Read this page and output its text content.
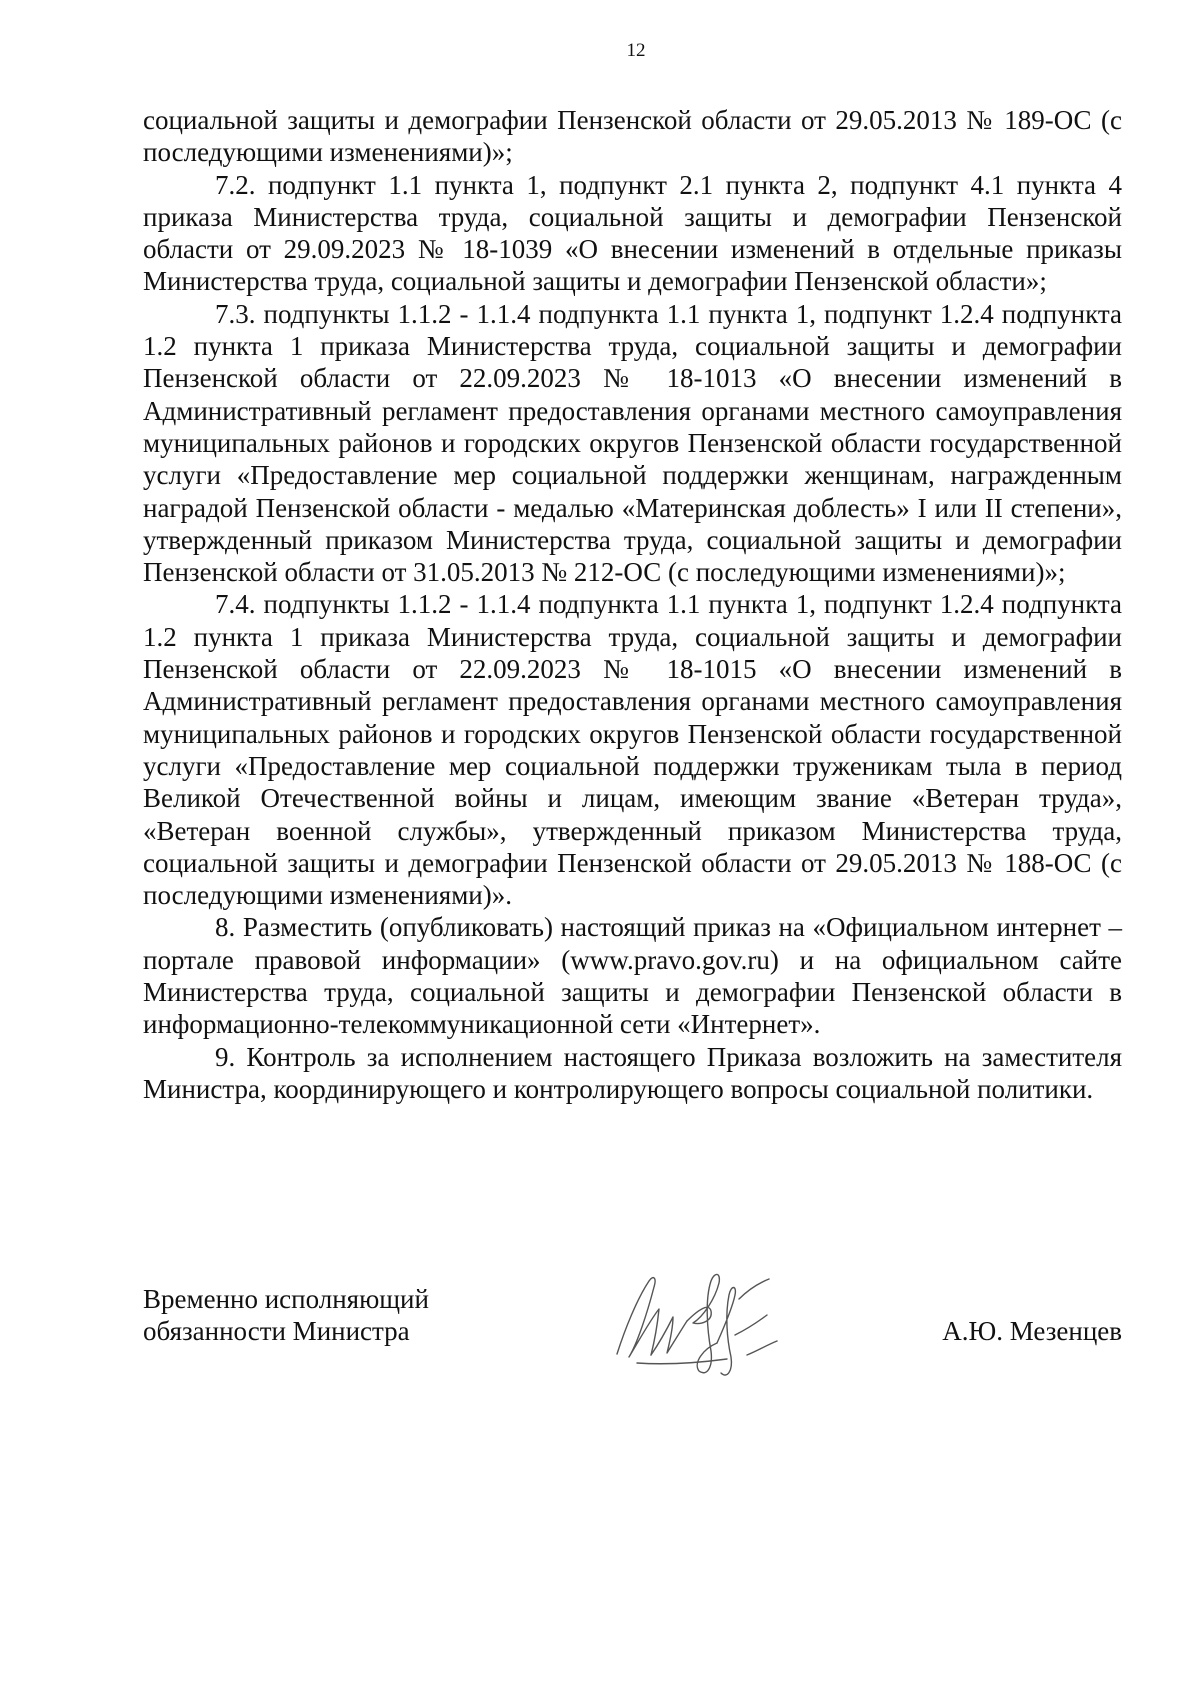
12

социальной защиты и демографии Пензенской области от 29.05.2013 № 189-ОС (с последующими изменениями)»;

7.2. подпункт 1.1 пункта 1, подпункт 2.1 пункта 2, подпункт 4.1 пункта 4 приказа Министерства труда, социальной защиты и демографии Пензенской области от 29.09.2023 № 18-1039 «О внесении изменений в отдельные приказы Министерства труда, социальной защиты и демографии Пензенской области»;

7.3. подпункты 1.1.2 - 1.1.4 подпункта 1.1 пункта 1, подпункт 1.2.4 подпункта 1.2 пункта 1 приказа Министерства труда, социальной защиты и демографии Пензенской области от 22.09.2023 № 18-1013 «О внесении изменений в Административный регламент предоставления органами местного самоуправления муниципальных районов и городских округов Пензенской области государственной услуги «Предоставление мер социальной поддержки женщинам, награжденным наградой Пензенской области - медалью «Материнская доблесть» I или II степени», утвержденный приказом Министерства труда, социальной защиты и демографии Пензенской области от 31.05.2013 № 212-ОС (с последующими изменениями)»;

7.4. подпункты 1.1.2 - 1.1.4 подпункта 1.1 пункта 1, подпункт 1.2.4 подпункта 1.2 пункта 1 приказа Министерства труда, социальной защиты и демографии Пензенской области от 22.09.2023 № 18-1015 «О внесении изменений в Административный регламент предоставления органами местного самоуправления муниципальных районов и городских округов Пензенской области государственной услуги «Предоставление мер социальной поддержки труженикам тыла в период Великой Отечественной войны и лицам, имеющим звание «Ветеран труда», «Ветеран военной службы», утвержденный приказом Министерства труда, социальной защиты и демографии Пензенской области от 29.05.2013 № 188-ОС (с последующими изменениями)».

8. Разместить (опубликовать) настоящий приказ на «Официальном интернет – портале правовой информации» (www.pravo.gov.ru) и на официальном сайте Министерства труда, социальной защиты и демографии Пензенской области в информационно-телекоммуникационной сети «Интернет».

9. Контроль за исполнением настоящего Приказа возложить на заместителя Министра, координирующего и контролирующего вопросы социальной политики.

Временно исполняющий
обязанности Министра	А.Ю. Мезенцев
